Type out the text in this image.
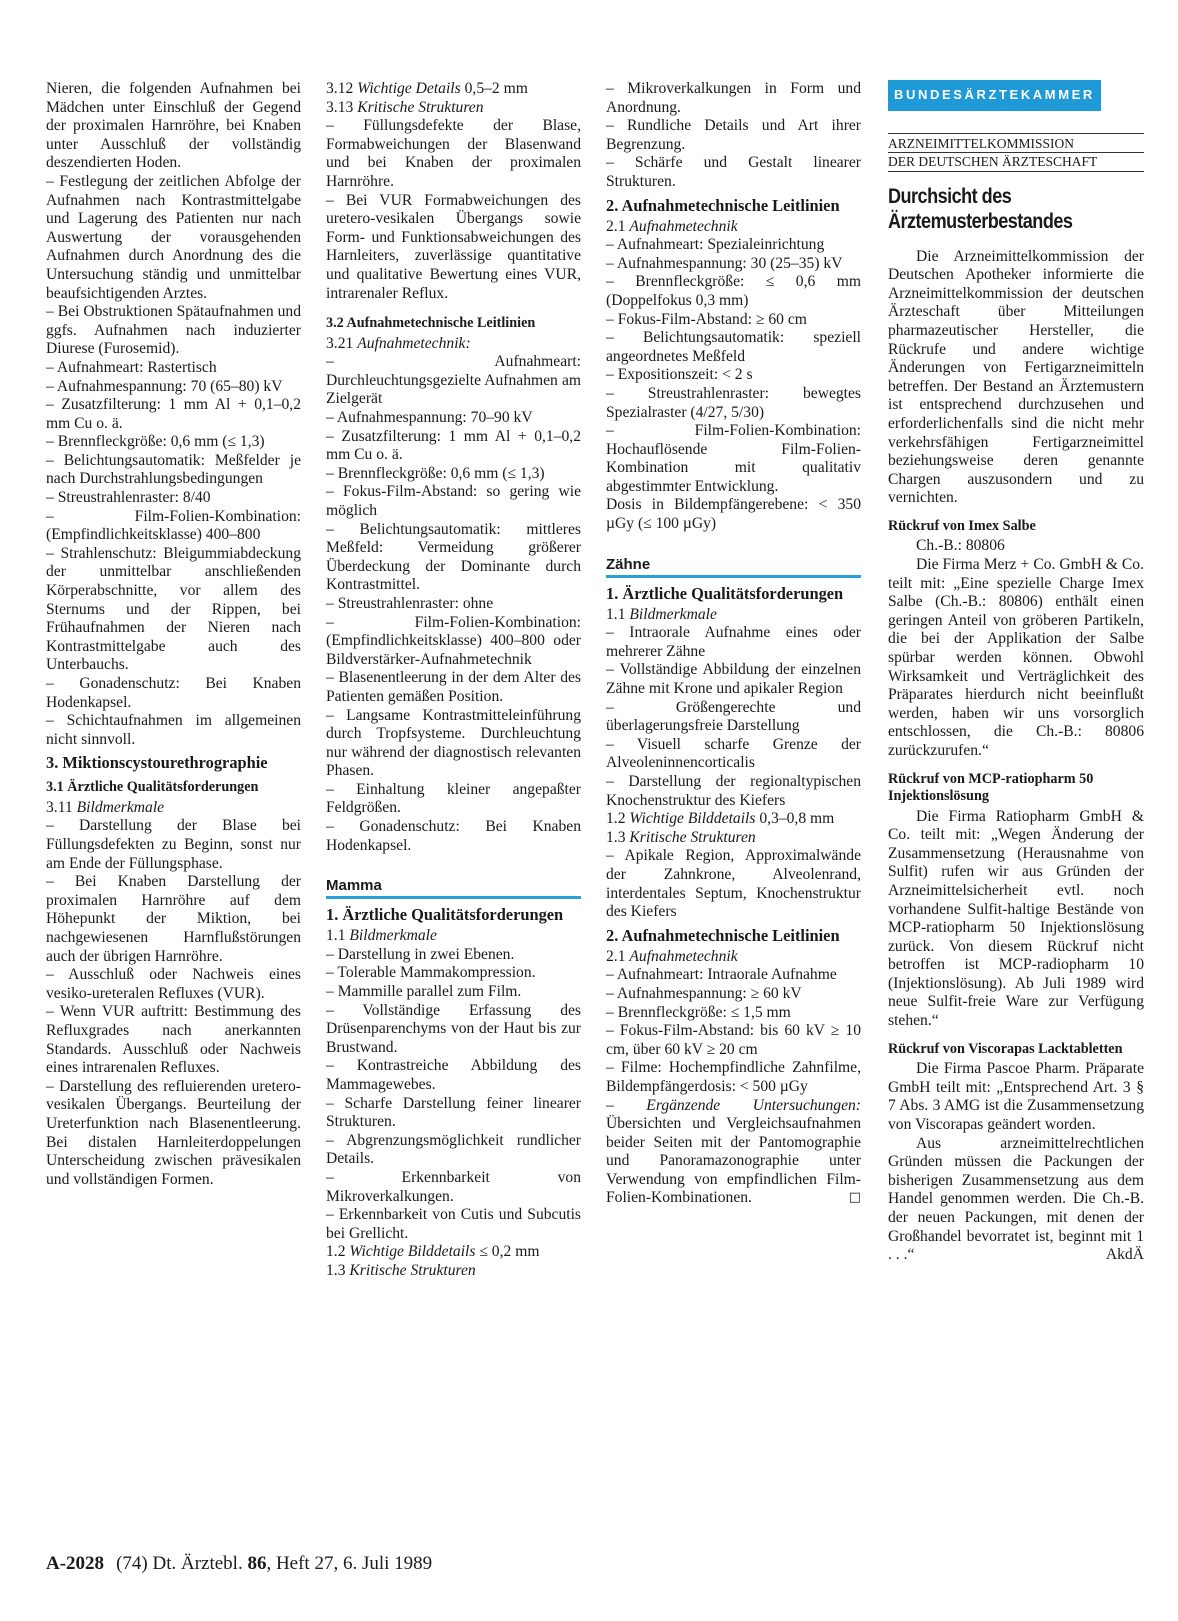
Nieren, die folgenden Aufnahmen bei Mädchen unter Einschluß der Gegend der proximalen Harnröhre, bei Knaben unter Ausschluß der vollständig deszendierten Hoden.

– Festlegung der zeitlichen Abfolge der Aufnahmen nach Kontrastmittelgabe und Lagerung des Patienten nur nach Auswertung der vorausgehenden Aufnahmen durch Anordnung des die Untersuchung ständig und unmittelbar beaufsichtigenden Arztes.

– Bei Obstruktionen Spätaufnahmen und ggfs. Aufnahmen nach induzierter Diurese (Furosemid).

– Aufnahmeart: Rastertisch

– Aufnahmespannung: 70 (65–80) kV

– Zusatzfilterung: 1 mm Al + 0,1–0,2 mm Cu o. ä.

– Brennfleckgröße: 0,6 mm (≤ 1,3)

– Belichtungsautomatik: Meßfelder je nach Durchstrahlungsbedingungen

– Streustrahlenraster: 8/40

– Film-Folien-Kombination: (Empfindlichkeitsklasse) 400–800

– Strahlenschutz: Bleigummiabdeckung der unmittelbar anschließenden Körperabschnitte, vor allem des Sternums und der Rippen, bei Frühaufnahmen der Nieren nach Kontrastmittelgabe auch des Unterbauchs.

– Gonadenschutz: Bei Knaben Hodenkapsel.

– Schichtaufnahmen im allgemeinen nicht sinnvoll.

3. Miktionscystourethrographie
3.1 Ärztliche Qualitätsforderungen

3.11 Bildmerkmale

– Darstellung der Blase bei Füllungsdefekten zu Beginn, sonst nur am Ende der Füllungsphase.

– Bei Knaben Darstellung der proximalen Harnröhre auf dem Höhepunkt der Miktion, bei nachgewiesenen Harnflußstörungen auch der übrigen Harnröhre.

– Ausschluß oder Nachweis eines vesiko-ureteralen Refluxes (VUR).

– Wenn VUR auftritt: Bestimmung des Refluxgrades nach anerkannten Standards. Ausschluß oder Nachweis eines intrarenalen Refluxes.

– Darstellung des refluierenden uretero-vesikalen Übergangs. Beurteilung der Ureterfunktion nach Blasenentleerung. Bei distalen Harnleiterdoppelungen Unterscheidung zwischen prävesikalen und vollständigen Formen.

3.12 Wichtige Details 0,5–2 mm

3.13 Kritische Strukturen

– Füllungsdefekte der Blase, Formabweichungen der Blasenwand und bei Knaben der proximalen Harnröhre.

– Bei VUR Formabweichungen des uretero-vesikalen Übergangs sowie Form- und Funktionsabweichungen des Harnleiters, zuverlässige quantitative und qualitative Bewertung eines VUR, intrarenaler Reflux.

3.2 Aufnahmetechnische Leitlinien

3.21 Aufnahmetechnik:

– Aufnahmeart: Durchleuchtungsgezielte Aufnahmen am Zielgerät

– Aufnahmespannung: 70–90 kV

– Zusatzfilterung: 1 mm Al + 0,1–0,2 mm Cu o. ä.

– Brennfleckgröße: 0,6 mm (≤ 1,3)

– Fokus-Film-Abstand: so gering wie möglich

– Belichtungsautomatik: mittleres Meßfeld: Vermeidung größerer Überdeckung der Dominante durch Kontrastmittel.

– Streustrahlenraster: ohne

– Film-Folien-Kombination: (Empfindlichkeitsklasse) 400–800 oder Bildverstärker-Aufnahmetechnik

– Blasenentleerung in der dem Alter des Patienten gemäßen Position.

– Langsame Kontrastmitteleinführung durch Tropfsysteme. Durchleuchtung nur während der diagnostisch relevanten Phasen.

– Einhaltung kleiner angepaßter Feldgrößen.

– Gonadenschutz: Bei Knaben Hodenkapsel.

Mamma
1. Ärztliche Qualitätsforderungen

1.1 Bildmerkmale

– Darstellung in zwei Ebenen.

– Tolerable Mammakompression.

– Mammille parallel zum Film.

– Vollständige Erfassung des Drüsenparenchyms von der Haut bis zur Brustwand.

– Kontrastreiche Abbildung des Mammagewebes.

– Scharfe Darstellung feiner linearer Strukturen.

– Abgrenzungsmöglichkeit rundlicher Details.

– Erkennbarkeit von Mikroverkalkungen.

– Erkennbarkeit von Cutis und Subcutis bei Grellicht.

1.2 Wichtige Bilddetails ≤ 0,2 mm

1.3 Kritische Strukturen

– Mikroverkalkungen in Form und Anordnung.

– Rundliche Details und Art ihrer Begrenzung.

– Schärfe und Gestalt linearer Strukturen.

2. Aufnahmetechnische Leitlinien

2.1 Aufnahmetechnik

– Aufnahmeart: Spezialeinrichtung

– Aufnahmespannung: 30 (25–35) kV

– Brennfleckgröße: ≤ 0,6 mm (Doppelfokus 0,3 mm)

– Fokus-Film-Abstand: ≥ 60 cm

– Belichtungsautomatik: speziell angeordnetes Meßfeld

– Expositionszeit: < 2 s

– Streustrahlenraster: bewegtes Spezialraster (4/27, 5/30)

– Film-Folien-Kombination: Hochauflösende Film-Folien-Kombination mit qualitativ abgestimmter Entwicklung.

Dosis in Bildempfängerebene: < 350 µGy (≤ 100 µGy)

Zähne
1. Ärztliche Qualitätsforderungen

1.1 Bildmerkmale

– Intraorale Aufnahme eines oder mehrerer Zähne

– Vollständige Abbildung der einzelnen Zähne mit Krone und apikaler Region

– Größengerechte und überlagerungsfreie Darstellung

– Visuell scharfe Grenze der Alveoleninnencorticalis

– Darstellung der regionaltypischen Knochenstruktur des Kiefers

1.2 Wichtige Bilddetails 0,3–0,8 mm

1.3 Kritische Strukturen

– Apikale Region, Approximalwände der Zahnkrone, Alveolenrand, interdentales Septum, Knochenstruktur des Kiefers

2. Aufnahmetechnische Leitlinien

2.1 Aufnahmetechnik

– Aufnahmeart: Intraorale Aufnahme

– Aufnahmespannung: ≥ 60 kV

– Brennfleckgröße: ≤ 1,5 mm

– Fokus-Film-Abstand: bis 60 kV ≥ 10 cm, über 60 kV ≥ 20 cm

– Filme: Hochempfindliche Zahnfilme, Bildempfängerdosis: < 500 µGy

– Ergänzende Untersuchungen: Übersichten und Vergleichsaufnahmen beider Seiten mit der Pantomographie und Panoramazonographie unter Verwendung von empfindlichen Film-Folien-Kombinationen.	□

BUNDESÄRZTEKAMMER
ARZNEIMITTELKOMMISSION
DER DEUTSCHEN ÄRZTESCHAFT
Durchsicht des Ärztemusterbestandes

Die Arzneimittelkommission der Deutschen Apotheker informierte die Arzneimittelkommission der deutschen Ärzteschaft über Mitteilungen pharmazeutischer Hersteller, die Rückrufe und andere wichtige Änderungen von Fertigarzneimitteln betreffen. Der Bestand an Ärztemustern ist entsprechend durchzusehen und erforderlichenfalls sind die nicht mehr verkehrsfähigen Fertigarzneimittel beziehungsweise deren genannte Chargen auszusondern und zu vernichten.

Rückruf von Imex Salbe

Ch.-B.: 80806

Die Firma Merz + Co. GmbH & Co. teilt mit: „Eine spezielle Charge Imex Salbe (Ch.-B.: 80806) enthält einen geringen Anteil von gröberen Partikeln, die bei der Applikation der Salbe spürbar werden können. Obwohl Wirksamkeit und Verträglichkeit des Präparates hierdurch nicht beeinflußt werden, haben wir uns vorsorglich entschlossen, die Ch.-B.: 80806 zurückzurufen.“

Rückruf von MCP-ratiopharm 50 Injektionslösung

Die Firma Ratiopharm GmbH & Co. teilt mit: „Wegen Änderung der Zusammensetzung (Herausnahme von Sulfit) rufen wir aus Gründen der Arzneimittelsicherheit evtl. noch vorhandene Sulfit-haltige Bestände von MCP-ratiopharm 50 Injektionslösung zurück. Von diesem Rückruf nicht betroffen ist MCP-radiopharm 10 (Injektionslösung). Ab Juli 1989 wird neue Sulfit-freie Ware zur Verfügung stehen.“

Rückruf von Viscorapas Lacktabletten

Die Firma Pascoe Pharm. Präparate GmbH teilt mit: „Entsprechend Art. 3 § 7 Abs. 3 AMG ist die Zusammensetzung von Viscorapas geändert worden.

Aus arzneimittelrechtlichen Gründen müssen die Packungen der bisherigen Zusammensetzung aus dem Handel genommen werden. Die Ch.-B. der neuen Packungen, mit denen der Großhandel bevorratet ist, beginnt mit 1 . . .“	AkdÄ

A-2028 (74) Dt. Ärztebl. 86, Heft 27, 6. Juli 1989
